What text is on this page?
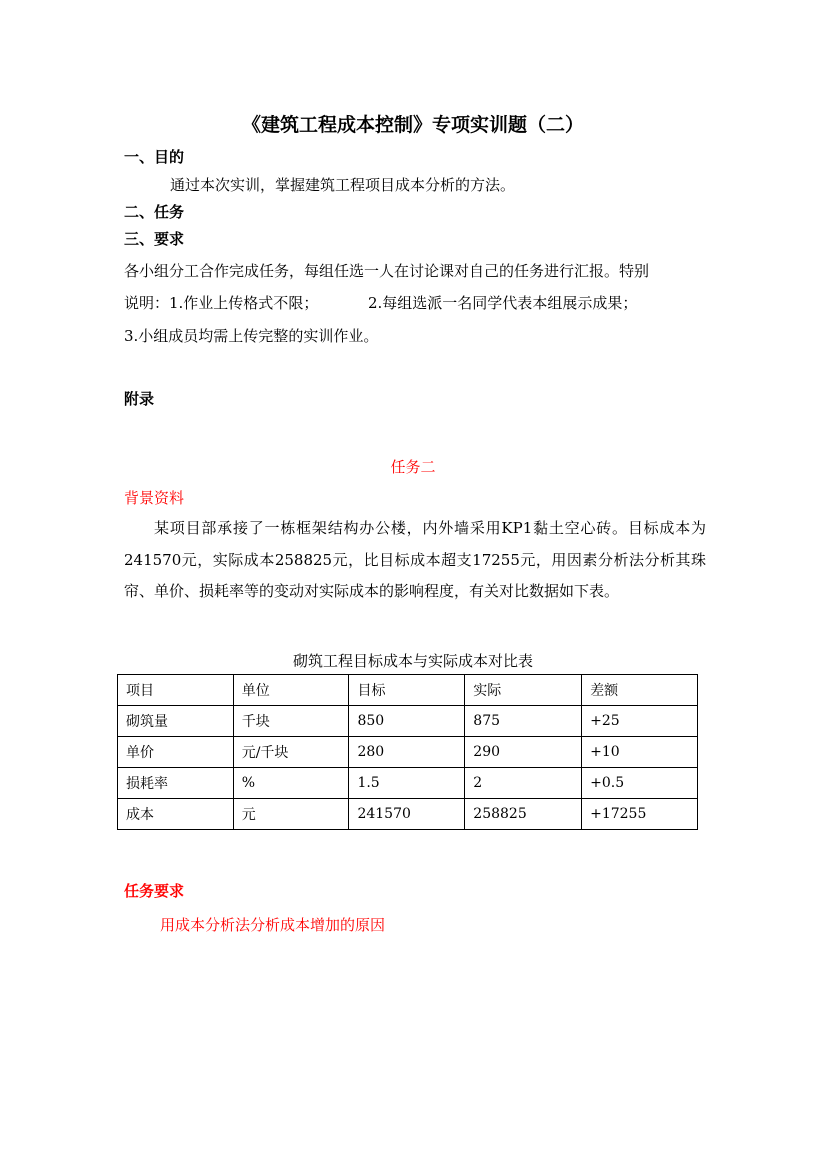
《建筑工程成本控制》专项实训题（二）
一、目的
通过本次实训，掌握建筑工程项目成本分析的方法。
二、任务
三、要求
各小组分工合作完成任务，每组任选一人在讨论课对自己的任务进行汇报。特别
说明：1.作业上传格式不限；	2.每组选派一名同学代表本组展示成果；
3.小组成员均需上传完整的实训作业。
附录
任务二
背景资料
某项目部承接了一栋框架结构办公楼，内外墙采用KP1黏土空心砖。目标成本为241570元，实际成本258825元，比目标成本超支17255元，用因素分析法分析其珠帘、单价、损耗率等的变动对实际成本的影响程度，有关对比数据如下表。
砌筑工程目标成本与实际成本对比表
项目	单位	目标	实际	差额
砌筑量	千块	850	875	+25
单价	元/千块	280	290	+10
损耗率	%	1.5	2	+0.5
成本	元	241570	258825	+17255
任务要求
用成本分析法分析成本增加的原因
